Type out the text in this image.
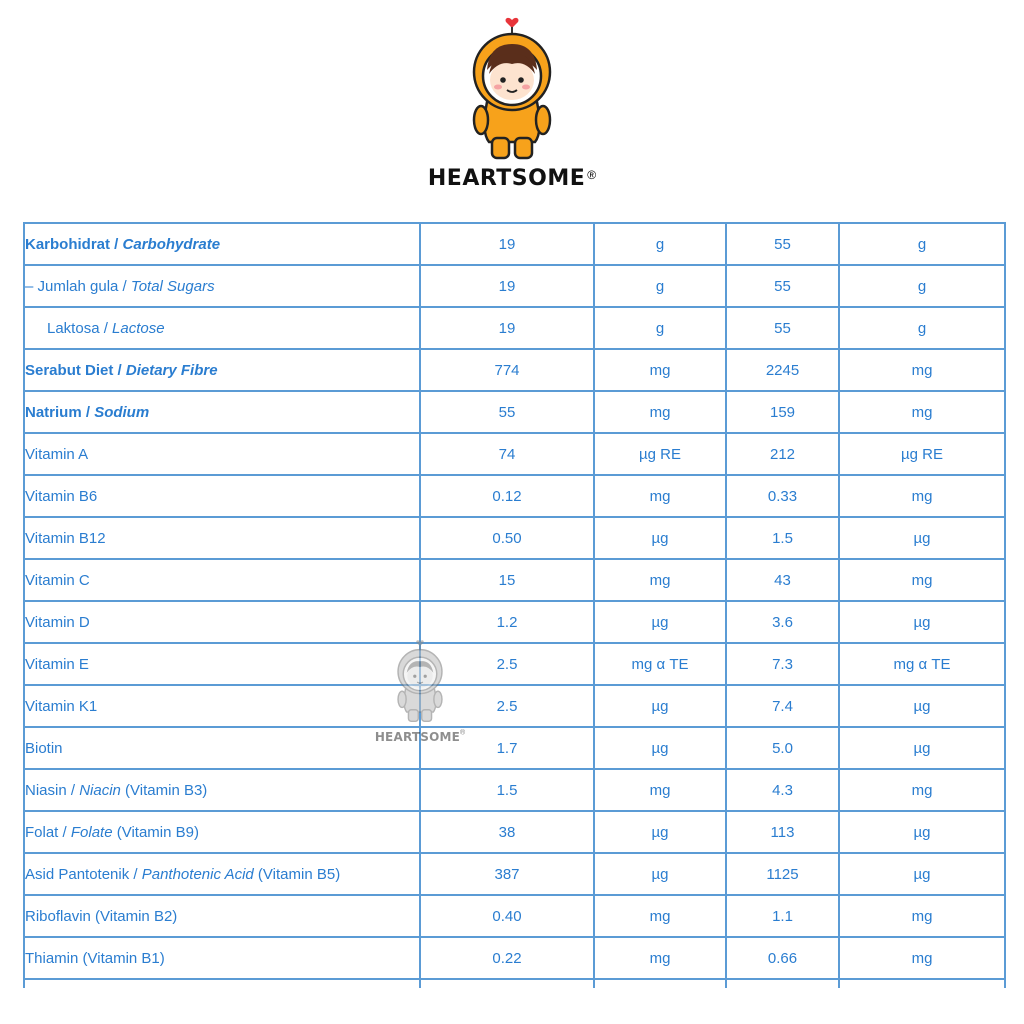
HEARTSOME ®
Karbohidrat / Carbohydrate	19	g	55	g
– Jumlah gula / Total Sugars	19	g	55	g
Laktosa / Lactose	19	g	55	g
Serabut Diet / Dietary Fibre	774	mg	2245	mg
Natrium / Sodium	55	mg	159	mg
Vitamin A	74	µg RE	212	µg RE
Vitamin B6	0.12	mg	0.33	mg
Vitamin B12	0.50	µg	1.5	µg
Vitamin C	15	mg	43	mg
Vitamin D	1.2	µg	3.6	µg
Vitamin E	2.5	mg α TE	7.3	mg α TE
Vitamin K1	2.5	µg	7.4	µg
Biotin	1.7	µg	5.0	µg
Niasin / Niacin (Vitamin B3)	1.5	mg	4.3	mg
Folat / Folate (Vitamin B9)	38	µg	113	µg
Asid Pantotenik / Panthotenic Acid (Vitamin B5)	387	µg	1125	µg
Riboflavin (Vitamin B2)	0.40	mg	1.1	mg
Thiamin (Vitamin B1)	0.22	mg	0.66	mg

HEARTSOME®
